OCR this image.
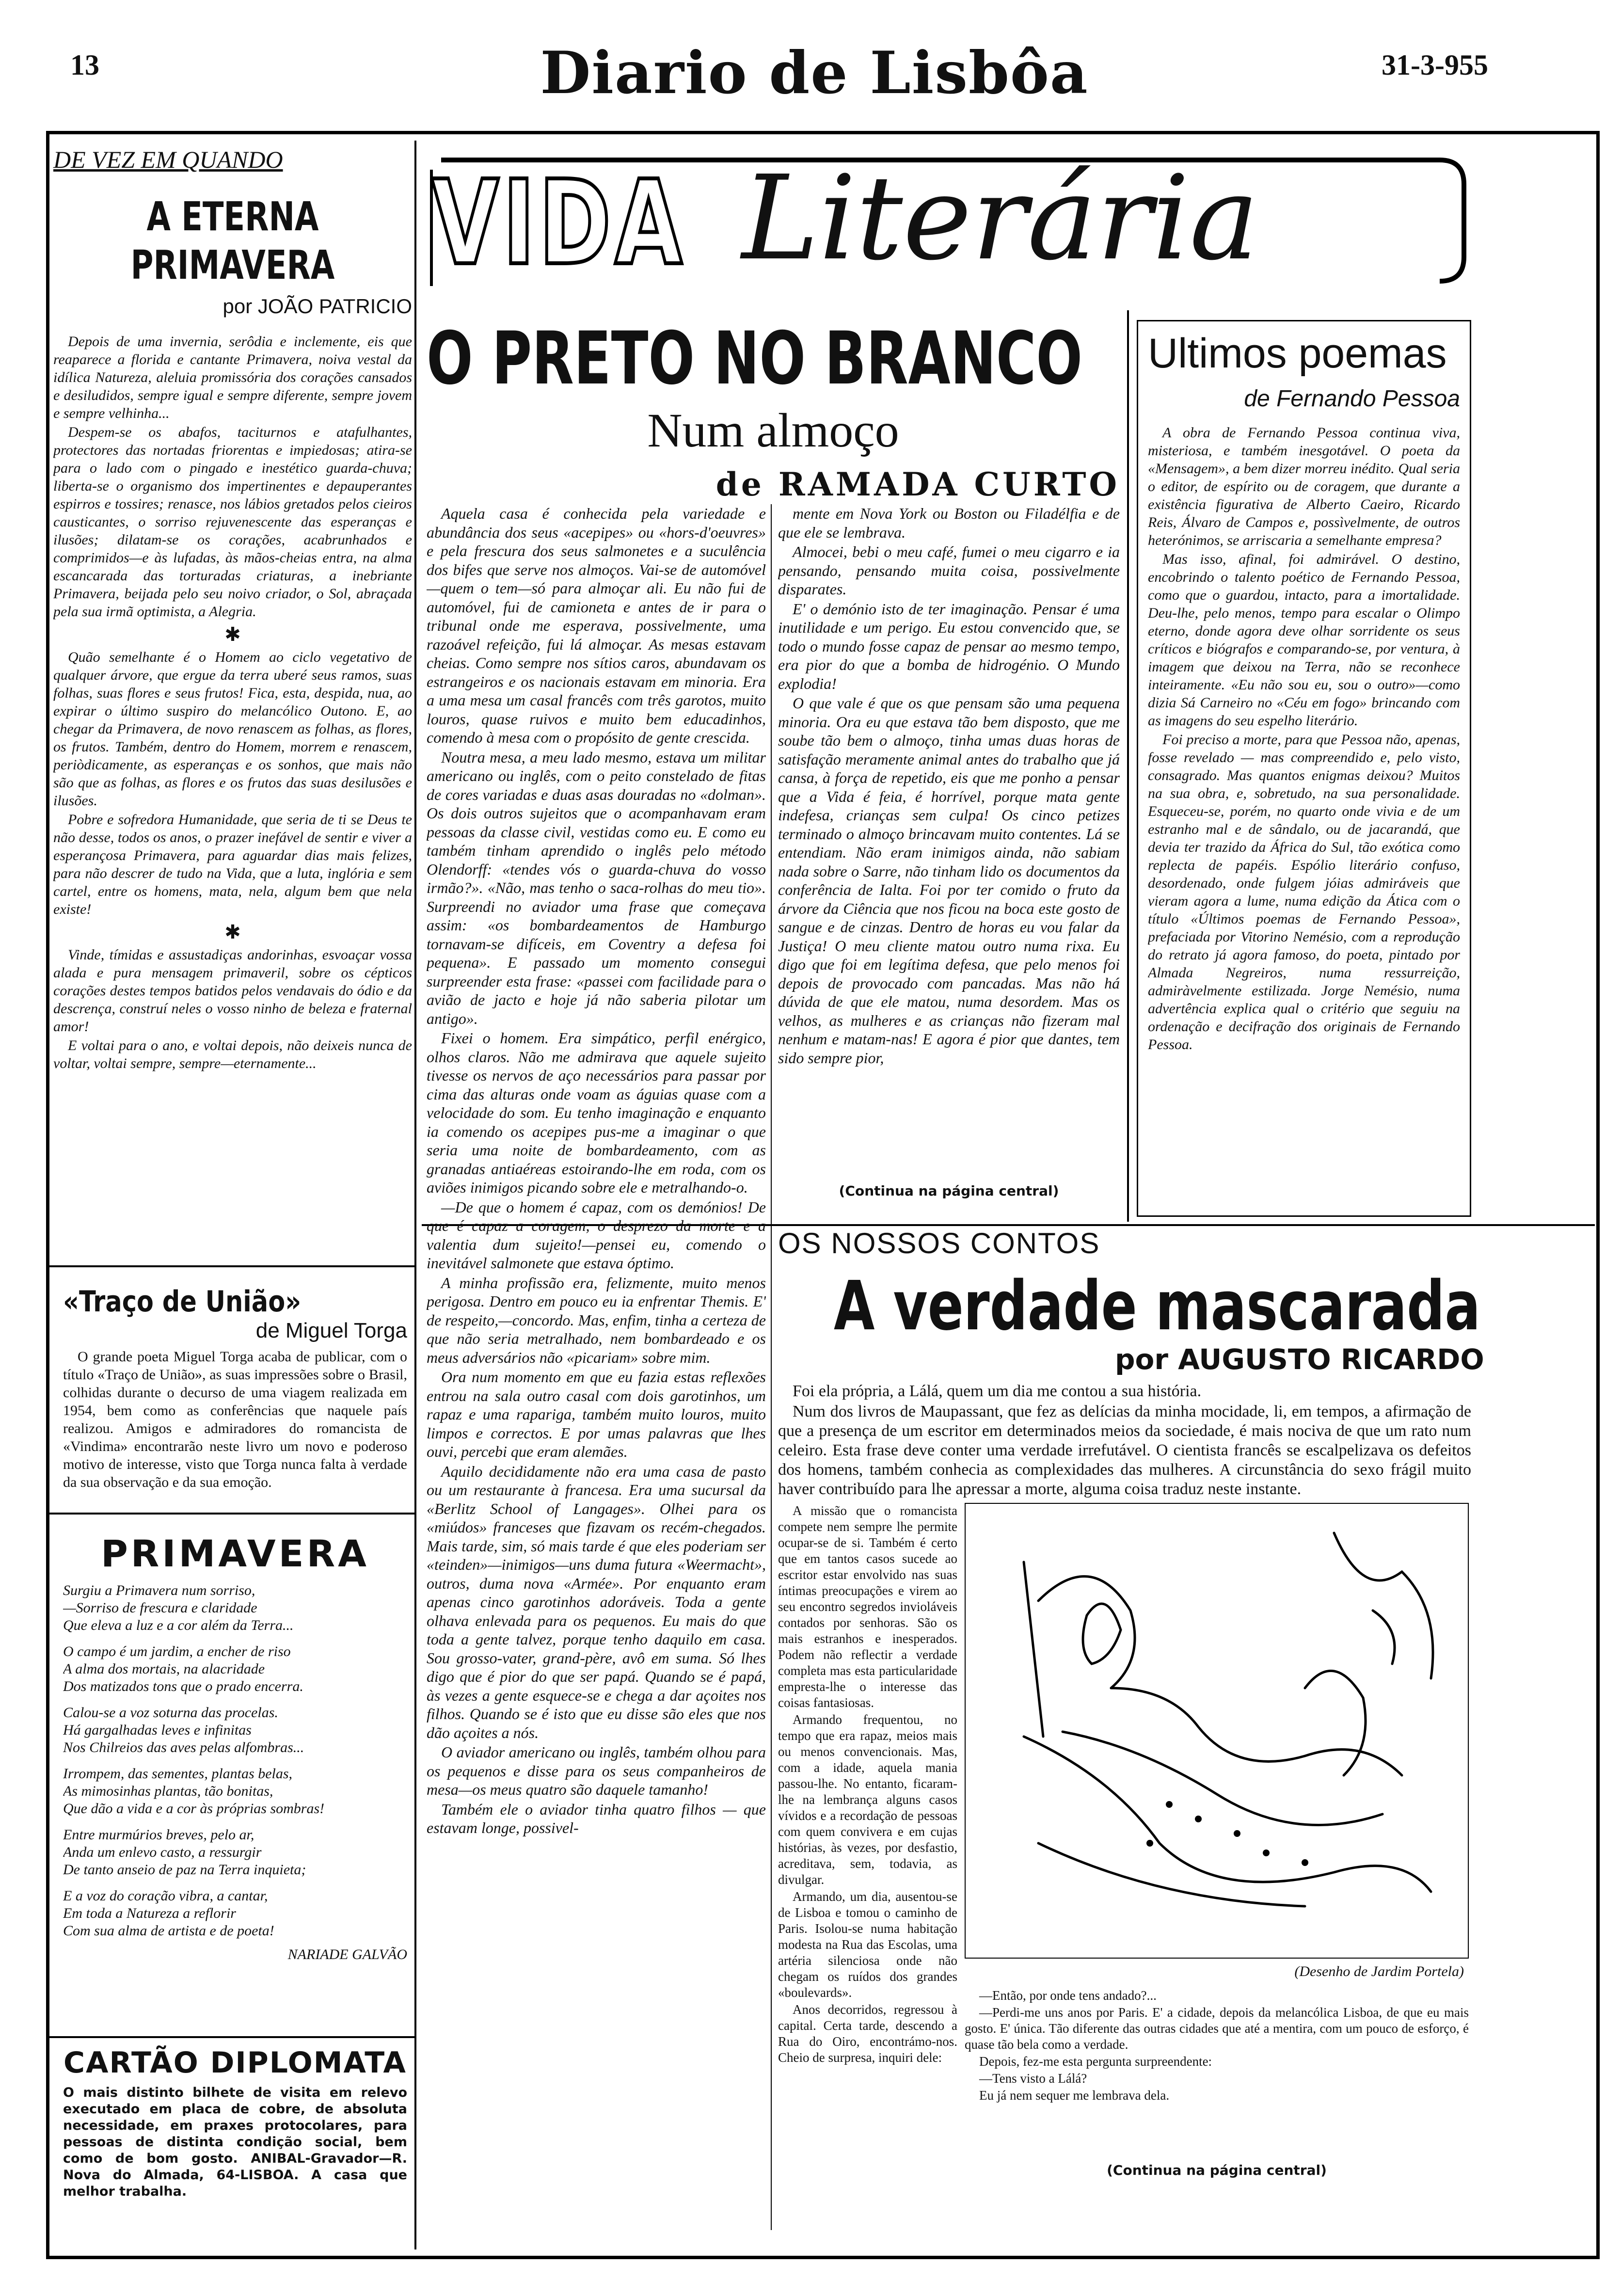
13	Diario de Lisbôa	31-3-955
DE VEZ EM QUANDO
A ETERNA PRIMAVERA
por JOÃO PATRICIO

Depois de uma invernia, serôdia e inclemente, eis que reaparece a florida e cantante Primavera, noiva vestal da idílica Natureza, aleluia promissória dos corações cansados e desiludidos, sempre igual e sempre diferente, sempre jovem e sempre velhinha...

Despem-se os abafos, taciturnos e atafulhantes, protectores das nortadas friorentas e impiedosas; atira-se para o lado com o pingado e inestético guarda-chuva; liberta-se o organismo dos impertinentes e depauperantes espirros e tossires; renasce, nos lábios gretados pelos cieiros causticantes, o sorriso rejuvenescente das esperanças e ilusões; dilatam-se os corações, acabrunhados e comprimidos—e às lufadas, às mãos-cheias entra, na alma escancarada das torturadas criaturas, a inebriante Primavera, beijada pelo seu noivo criador, o Sol, abraçada pela sua irmã optimista, a Alegria.

✱

Quão semelhante é o Homem ao ciclo vegetativo de qualquer árvore, que ergue da terra uberé seus ramos, suas folhas, suas flores e seus frutos! Fica, esta, despida, nua, ao expirar o último suspiro do melancólico Outono. E, ao chegar da Primavera, de novo renascem as folhas, as flores, os frutos. Também, dentro do Homem, morrem e renascem, periòdicamente, as esperanças e os sonhos, que mais não são que as folhas, as flores e os frutos das suas desilusões e ilusões.

Pobre e sofredora Humanidade, que seria de ti se Deus te não desse, todos os anos, o prazer inefável de sentir e viver a esperançosa Primavera, para aguardar dias mais felizes, para não descrer de tudo na Vida, que a luta, inglória e sem cartel, entre os homens, mata, nela, algum bem que nela existe!

✱

Vinde, tímidas e assustadiças andorinhas, esvoaçar vossa alada e pura mensagem primaveril, sobre os cépticos corações destes tempos batidos pelos vendavais do ódio e da descrença, construí neles o vosso ninho de beleza e fraternal amor!

E voltai para o ano, e voltai depois, não deixeis nunca de voltar, voltai sempre, sempre—eternamente...

«Traço de União»
de Miguel Torga
O grande poeta Miguel Torga acaba de publicar, com o título «Traço de União», as suas impressões sobre o Brasil, colhidas durante o decurso de uma viagem realizada em 1954, bem como as conferências que naquele país realizou. Amigos e admiradores do romancista de «Vindima» encontrarão neste livro um novo e poderoso motivo de interesse, visto que Torga nunca falta à verdade da sua observação e da sua emoção.
PRIMAVERA
Surgiu a Primavera num sorriso,
—Sorriso de frescura e claridade
Que eleva a luz e a cor além da Terra...
O campo é um jardim, a encher de riso
A alma dos mortais, na alacridade
Dos matizados tons que o prado encerra.
Calou-se a voz soturna das procelas.
Há gargalhadas leves e infinitas
Nos Chilreios das aves pelas alfombras...
Irrompem, das sementes, plantas belas,
As mimosinhas plantas, tão bonitas,
Que dão a vida e a cor às próprias sombras!
Entre murmúrios breves, pelo ar,
Anda um enlevo casto, a ressurgir
De tanto anseio de paz na Terra inquieta;
E a voz do coração vibra, a cantar,
Em toda a Natureza a reflorir
Com sua alma de artista e de poeta!
NARIADE GALVÃO
CARTÃO DIPLOMATA
O mais distinto bilhete de visita em relevo executado em placa de cobre, de absoluta necessidade, em praxes protocolares, para pessoas de distinta condição social, bem como de bom gosto. ANIBAL-Gravador—R. Nova do Almada, 64-LISBOA. A casa que melhor trabalha.
VIDA Literária
O PRETO NO BRANCO
Num almoço
de RAMADA CURTO

Aquela casa é conhecida pela variedade e abundância dos seus «acepipes» ou «hors-d'oeuvres» e pela frescura dos seus salmonetes e a suculência dos bifes que serve nos almoços. Vai-se de automóvel—quem o tem—só para almoçar ali. Eu não fui de automóvel, fui de camioneta e antes de ir para o tribunal onde me esperava, possivelmente, uma razoável refeição, fui lá almoçar. As mesas estavam cheias. Como sempre nos sítios caros, abundavam os estrangeiros e os nacionais estavam em minoria. Era a uma mesa um casal francês com três garotos, muito louros, quase ruivos e muito bem educadinhos, comendo à mesa com o propósito de gente crescida.

Noutra mesa, a meu lado mesmo, estava um militar americano ou inglês, com o peito constelado de fitas de cores variadas e duas asas douradas no «dolman». Os dois outros sujeitos que o acompanhavam eram pessoas da classe civil, vestidas como eu. E como eu também tinham aprendido o inglês pelo método Olendorff: «tendes vós o guarda-chuva do vosso irmão?». «Não, mas tenho o saca-rolhas do meu tio». Surpreendi no aviador uma frase que começava assim: «os bombardeamentos de Hamburgo tornavam-se difíceis, em Coventry a defesa foi pequena». E passado um momento consegui surpreender esta frase: «passei com facilidade para o avião de jacto e hoje já não saberia pilotar um antigo».

Fixei o homem. Era simpático, perfil enérgico, olhos claros. Não me admirava que aquele sujeito tivesse os nervos de aço necessários para passar por cima das alturas onde voam as águias quase com a velocidade do som. Eu tenho imaginação e enquanto ia comendo os acepipes pus-me a imaginar o que seria uma noite de bombardeamento, com as granadas antiaéreas estoirando-lhe em roda, com os aviões inimigos picando sobre ele e metralhando-o.

—De que o homem é capaz, com os demónios! De que é capaz a coragem, o desprezo da morte e a valentia dum sujeito!—pensei eu, comendo o inevitável salmonete que estava óptimo.

A minha profissão era, felizmente, muito menos perigosa. Dentro em pouco eu ia enfrentar Themis. E' de respeito,—concordo. Mas, enfim, tinha a certeza de que não seria metralhado, nem bombardeado e os meus adversários não «picariam» sobre mim.

Ora num momento em que eu fazia estas reflexões entrou na sala outro casal com dois garotinhos, um rapaz e uma rapariga, também muito louros, muito limpos e correctos. E por umas palavras que lhes ouvi, percebi que eram alemães.

Aquilo decididamente não era uma casa de pasto ou um restaurante à francesa. Era uma sucursal da «Berlitz School of Langages». Olhei para os «miúdos» franceses que fizavam os recém-chegados. Mais tarde, sim, só mais tarde é que eles poderiam ser «teinden»—inimigos—uns duma futura «Weermacht», outros, duma nova «Armée». Por enquanto eram apenas cinco garotinhos adoráveis. Toda a gente olhava enlevada para os pequenos. Eu mais do que toda a gente talvez, porque tenho daquilo em casa. Sou grosso-vater, grand-père, avô em suma. Só lhes digo que é pior do que ser papá. Quando se é papá, às vezes a gente esquece-se e chega a dar açoites nos filhos. Quando se é isto que eu disse são eles que nos dão açoites a nós.

O aviador americano ou inglês, também olhou para os pequenos e disse para os seus companheiros de mesa—os meus quatro são daquele tamanho!

Também ele o aviador tinha quatro filhos — que estavam longe, possivel-

mente em Nova York ou Boston ou Filadélfia e de que ele se lembrava.

Almocei, bebi o meu café, fumei o meu cigarro e ia pensando, pensando muita coisa, possivelmente disparates.

E' o demónio isto de ter imaginação. Pensar é uma inutilidade e um perigo. Eu estou convencido que, se todo o mundo fosse capaz de pensar ao mesmo tempo, era pior do que a bomba de hidrogénio. O Mundo explodia!

O que vale é que os que pensam são uma pequena minoria. Ora eu que estava tão bem disposto, que me soube tão bem o almoço, tinha umas duas horas de satisfação meramente animal antes do trabalho que já cansa, à força de repetido, eis que me ponho a pensar que a Vida é feia, é horrível, porque mata gente indefesa, crianças sem culpa! Os cinco petizes terminado o almoço brincavam muito contentes. Lá se entendiam. Não eram inimigos ainda, não sabiam nada sobre o Sarre, não tinham lido os documentos da conferência de Ialta. Foi por ter comido o fruto da árvore da Ciência que nos ficou na boca este gosto de sangue e de cinzas. Dentro de horas eu vou falar da Justiça! O meu cliente matou outro numa rixa. Eu digo que foi em legítima defesa, que pelo menos foi depois de provocado com pancadas. Mas não há dúvida de que ele matou, numa desordem. Mas os velhos, as mulheres e as crianças não fizeram mal nenhum e matam-nas! E agora é pior que dantes, tem sido sempre pior,

(Continua na página central)
Ultimos poemas
de Fernando Pessoa

A obra de Fernando Pessoa continua viva, misteriosa, e também inesgotável. O poeta da «Mensagem», a bem dizer morreu inédito. Qual seria o editor, de espírito ou de coragem, que durante a existência figurativa de Alberto Caeiro, Ricardo Reis, Álvaro de Campos e, possìvelmente, de outros heterónimos, se arriscaria a semelhante empresa?

Mas isso, afinal, foi admirável. O destino, encobrindo o talento poético de Fernando Pessoa, como que o guardou, intacto, para a imortalidade. Deu-lhe, pelo menos, tempo para escalar o Olimpo eterno, donde agora deve olhar sorridente os seus críticos e biógrafos e comparando-se, por ventura, à imagem que deixou na Terra, não se reconhece inteiramente. «Eu não sou eu, sou o outro»—como dizia Sá Carneiro no «Céu em fogo» brincando com as imagens do seu espelho literário.

Foi preciso a morte, para que Pessoa não, apenas, fosse revelado — mas compreendido e, pelo visto, consagrado. Mas quantos enigmas deixou? Muitos na sua obra, e, sobretudo, na sua personalidade. Esqueceu-se, porém, no quarto onde vivia e de um estranho mal e de sândalo, ou de jacarandá, que devia ter trazido da África do Sul, tão exótica como replecta de papéis. Espólio literário confuso, desordenado, onde fulgem jóias admiráveis que vieram agora a lume, numa edição da Ática com o título «Últimos poemas de Fernando Pessoa», prefaciada por Vitorino Nemésio, com a reprodução do retrato já agora famoso, do poeta, pintado por Almada Negreiros, numa ressurreição, admiràvelmente estilizada. Jorge Nemésio, numa advertência explica qual o critério que seguiu na ordenação e decifração dos originais de Fernando Pessoa.

OS NOSSOS CONTOS
A verdade mascarada
por AUGUSTO RICARDO

Foi ela própria, a Lálá, quem um dia me contou a sua história.

Num dos livros de Maupassant, que fez as delícias da minha mocidade, li, em tempos, a afirmação de que a presença de um escritor em determinados meios da sociedade, é mais nociva de que um rato num celeiro. Esta frase deve conter uma verdade irrefutável. O cientista francês se escalpelizava os defeitos dos homens, também conhecia as complexidades das mulheres. A circunstância do sexo frágil muito haver contribuído para lhe apressar a morte, alguma coisa traduz neste instante.

A missão que o romancista compete nem sempre lhe permite ocupar-se de si. Também é certo que em tantos casos sucede ao escritor estar envolvido nas suas íntimas preocupações e virem ao seu encontro segredos invioláveis contados por senhoras. São os mais estranhos e inesperados. Podem não reflectir a verdade completa mas esta particularidade empresta-lhe o interesse das coisas fantasiosas.

Armando frequentou, no tempo que era rapaz, meios mais ou menos convencionais. Mas, com a idade, aquela mania passou-lhe. No entanto, ficaram-lhe na lembrança alguns casos vívidos e a recordação de pessoas com quem convivera e em cujas histórias, às vezes, por desfastio, acreditava, sem, todavia, as divulgar.

Armando, um dia, ausentou-se de Lisboa e tomou o caminho de Paris. Isolou-se numa habitação modesta na Rua das Escolas, uma artéria silenciosa onde não chegam os ruídos dos grandes «boulevards».

Anos decorridos, regressou à capital. Certa tarde, descendo a Rua do Oiro, encontrámo-nos. Cheio de surpresa, inquiri dele:

(Desenho de Jardim Portela)

—Então, por onde tens andado?...

—Perdi-me uns anos por Paris. E' a cidade, depois da melancólica Lisboa, de que eu mais gosto. E' única. Tão diferente das outras cidades que até a mentira, com um pouco de esforço, é quase tão bela como a verdade.

Depois, fez-me esta pergunta surpreendente:

—Tens visto a Lálá?

Eu já nem sequer me lembrava dela.

(Continua na página central)
